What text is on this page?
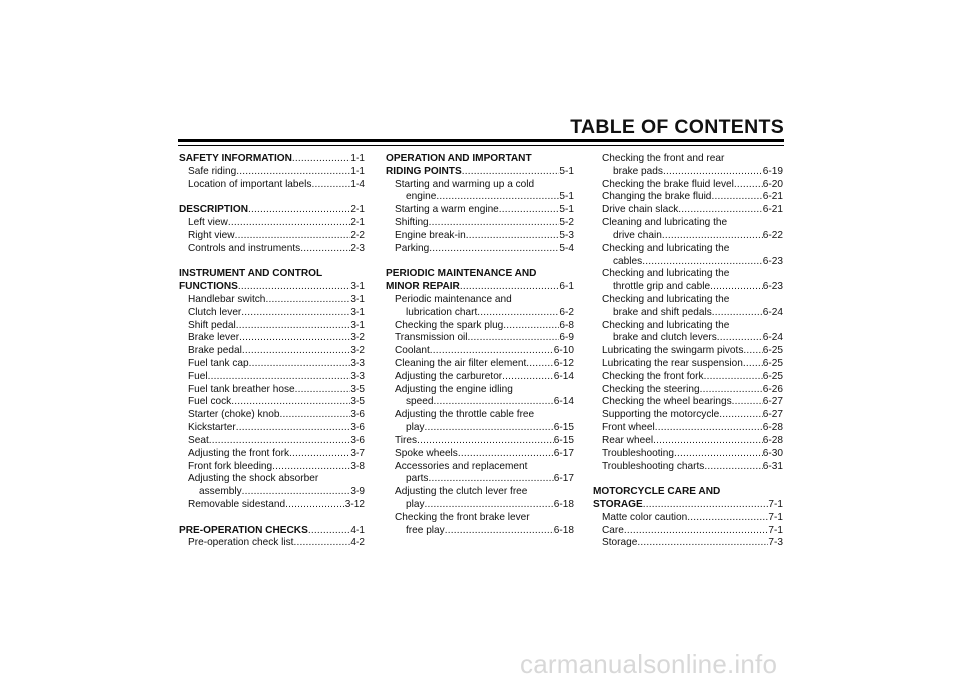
TABLE OF CONTENTS
SAFETY INFORMATION .....	1-1
Safe riding .....	1-1
Location of important labels .....	1-4
DESCRIPTION .....	2-1
Left view .....	2-1
Right view .....	2-2
Controls and instruments .....	2-3
INSTRUMENT AND CONTROL
FUNCTIONS .....	3-1
Handlebar switch .....	3-1
Clutch lever .....	3-1
Shift pedal .....	3-1
Brake lever .....	3-2
Brake pedal .....	3-2
Fuel tank cap .....	3-3
Fuel .....	3-3
Fuel tank breather hose .....	3-5
Fuel cock .....	3-5
Starter (choke) knob .....	3-6
Kickstarter .....	3-6
Seat .....	3-6
Adjusting the front fork .....	3-7
Front fork bleeding .....	3-8
Adjusting the shock absorber
assembly .....	3-9
Removable sidestand .....	3-12
PRE-OPERATION CHECKS .....	4-1
Pre-operation check list .....	4-2
OPERATION AND IMPORTANT
RIDING POINTS .....	5-1
Starting and warming up a cold
engine .....	5-1
Starting a warm engine .....	5-1
Shifting .....	5-2
Engine break-in .....	5-3
Parking .....	5-4
PERIODIC MAINTENANCE AND
MINOR REPAIR .....	6-1
Periodic maintenance and
lubrication chart .....	6-2
Checking the spark plug .....	6-8
Transmission oil .....	6-9
Coolant .....	6-10
Cleaning the air filter element .....	6-12
Adjusting the carburetor .....	6-14
Adjusting the engine idling
speed .....	6-14
Adjusting the throttle cable free
play .....	6-15
Tires .....	6-15
Spoke wheels .....	6-17
Accessories and replacement
parts .....	6-17
Adjusting the clutch lever free
play .....	6-18
Checking the front brake lever
free play .....	6-18
Checking the front and rear
brake pads .....	6-19
Checking the brake fluid level .....	6-20
Changing the brake fluid .....	6-21
Drive chain slack .....	6-21
Cleaning and lubricating the
drive chain .....	6-22
Checking and lubricating the
cables .....	6-23
Checking and lubricating the
throttle grip and cable .....	6-23
Checking and lubricating the
brake and shift pedals .....	6-24
Checking and lubricating the
brake and clutch levers .....	6-24
Lubricating the swingarm pivots ..... 6-25
Lubricating the rear suspension ..... 6-25
Checking the front fork .....	6-25
Checking the steering .....	6-26
Checking the wheel bearings .....	6-27
Supporting the motorcycle .....	6-27
Front wheel .....	6-28
Rear wheel .....	6-28
Troubleshooting .....	6-30
Troubleshooting charts .....	6-31
MOTORCYCLE CARE AND
STORAGE .....	7-1
Matte color caution .....	7-1
Care .....	7-1
Storage .....	7-3
carmanualsonline.info
